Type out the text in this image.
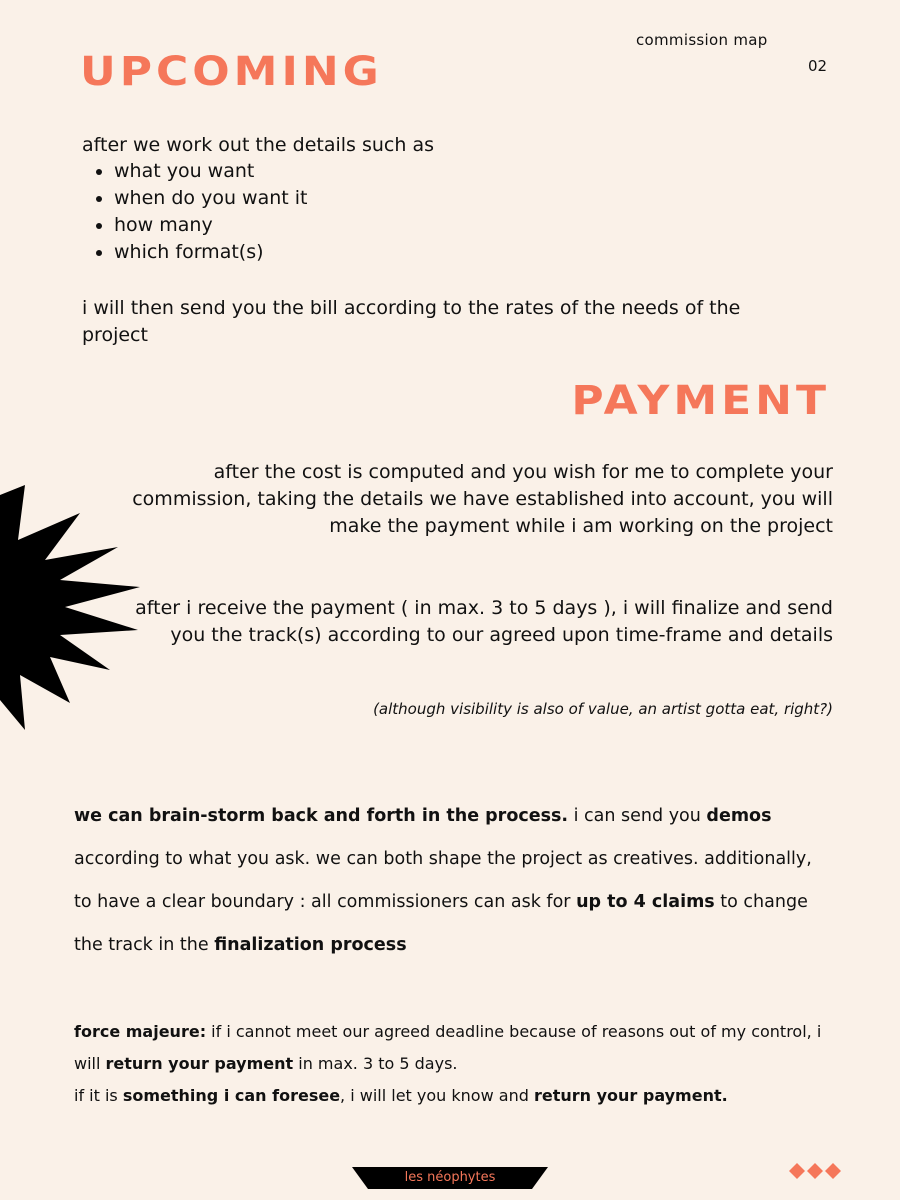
commission map
02
UPCOMING
after we work out the details such as
• what you want
• when do you want it
• how many
• which format(s)
i will then send you the bill according to the rates of the needs of the project
PAYMENT
after the cost is computed and you wish for me to complete your commission, taking the details we have established into account, you will make the payment while i am working on the project
after i receive the payment ( in max. 3 to 5 days ), i will finalize and send you the track(s) according to our agreed upon time-frame and details
(although visibility is also of value, an artist gotta eat, right?)
we can brain-storm back and forth in the process. i can send you demos according to what you ask. we can both shape the project as creatives. additionally, to have a clear boundary : all commissioners can ask for up to 4 claims to change the track in the finalization process
force majeure: if i cannot meet our agreed deadline because of reasons out of my control, i will return your payment in max. 3 to 5 days.
if it is something i can foresee, i will let you know and return your payment.
les néophytes
